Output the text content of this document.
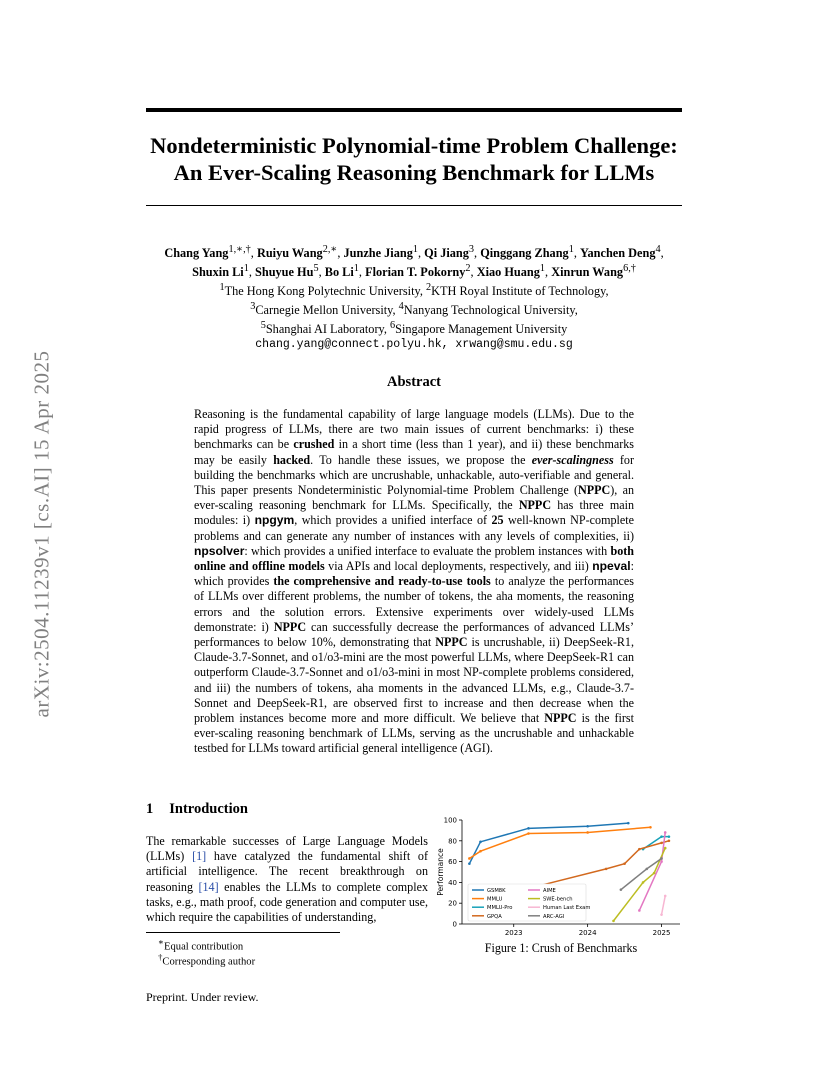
arXiv:2504.11239v1 [cs.AI] 15 Apr 2025
Nondeterministic Polynomial-time Problem Challenge:
An Ever-Scaling Reasoning Benchmark for LLMs
Chang Yang$^{1,∗,\dagger}$, Ruiyu Wang$^{2,∗}$, Junzhe Jiang$^1$, Qi Jiang$^3$, Qinggang Zhang$^1$, Yanchen Deng$^4$,
Shuxin Li$^1$, Shuyue Hu$^5$, Bo Li$^1$, Florian T. Pokorny$^2$, Xiao Huang$^1$, Xinrun Wang$^{6,\dagger}$
$^1$The Hong Kong Polytechnic University, $^2$KTH Royal Institute of Technology,
$^3$Carnegie Mellon University, $^4$Nanyang Technological University,
$^5$Shanghai AI Laboratory, $^6$Singapore Management University
chang.yang@connect.polyu.hk, xrwang@smu.edu.sg
Abstract
Reasoning is the fundamental capability of large language models (LLMs). Due to the rapid progress of LLMs, there are two main issues of current benchmarks: i) these benchmarks can be crushed in a short time (less than 1 year), and ii) these benchmarks may be easily hacked. To handle these issues, we propose the ever-scalingness for building the benchmarks which are uncrushable, unhackable, auto-verifiable and general. This paper presents Nondeterministic Polynomial-time Problem Challenge (NPPC), an ever-scaling reasoning benchmark for LLMs. Specifically, the NPPC has three main modules: i) npgym, which provides a unified interface of 25 well-known NP-complete problems and can generate any number of instances with any levels of complexities, ii) npsolver: which provides a unified interface to evaluate the problem instances with both online and offline models via APIs and local deployments, respectively, and iii) npeval: which provides the comprehensive and ready-to-use tools to analyze the performances of LLMs over different problems, the number of tokens, the aha moments, the reasoning errors and the solution errors. Extensive experiments over widely-used LLMs demonstrate: i) NPPC can successfully decrease the performances of advanced LLMs’ performances to below 10%, demonstrating that NPPC is uncrushable, ii) DeepSeek-R1, Claude-3.7-Sonnet, and o1/o3-mini are the most powerful LLMs, where DeepSeek-R1 can outperform Claude-3.7-Sonnet and o1/o3-mini in most NP-complete problems considered, and iii) the numbers of tokens, aha moments in the advanced LLMs, e.g., Claude-3.7-Sonnet and DeepSeek-R1, are observed first to increase and then decrease when the problem instances become more and more difficult. We believe that NPPC is the first ever-scaling reasoning benchmark of LLMs, serving as the uncrushable and unhackable testbed for LLMs toward artificial general intelligence (AGI).
1 Introduction
The remarkable successes of Large Language Models (LLMs) [1] have catalyzed the fundamental shift of artificial intelligence. The recent breakthrough on reasoning [14] enables the LLMs to complete complex tasks, e.g., math proof, code generation and computer use, which require the capabilities of understanding,
∗Equal contribution
†Corresponding author
Preprint. Under review.
0
20
40
60
80
100
2023	2024	2025
Performance	GSM8K
MMLU
MMLU-Pro
GPQA
AIME
SWE-bench
Human Last Exam
ARC-AGI
Figure 1: Crush of Benchmarks
